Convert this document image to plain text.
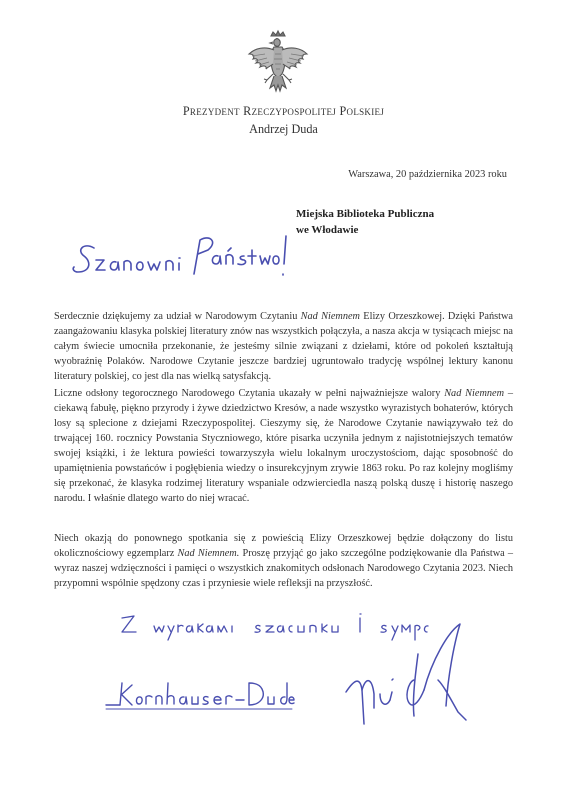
Prezydent Rzeczypospolitej Polskiej
Andrzej Duda
Warszawa, 20 października 2023 roku
Miejska Biblioteka Publiczna
we Włodawie
Szanowni Państwo!

Serdecznie dziękujemy za udział w Narodowym Czytaniu Nad Niemnem Elizy Orzeszkowej. Dzięki Państwa zaangażowaniu klasyka polskiej literatury znów nas wszystkich połączyła, a nasza akcja w tysiącach miejsc na całym świecie umocniła przekonanie, że jesteśmy silnie związani z dziełami, które od pokoleń kształtują wyobraźnię Polaków. Narodowe Czytanie jeszcze bardziej ugruntowało tradycję wspólnej lektury kanonu literatury polskiej, co jest dla nas wielką satysfakcją.

Liczne odsłony tegorocznego Narodowego Czytania ukazały w pełni najważniejsze walory Nad Niemnem – ciekawą fabułę, piękno przyrody i żywe dziedzictwo Kresów, a nade wszystko wyrazistych bohaterów, których losy są splecione z dziejami Rzeczypospolitej. Cieszymy się, że Narodowe Czytanie nawiązywało też do trwającej 160. rocznicy Powstania Styczniowego, które pisarka uczyniła jednym z najistotniejszych tematów swojej książki, i że lektura powieści towarzyszyła wielu lokalnym uroczystościom, dając sposobność do upamiętnienia powstańców i pogłębienia wiedzy o insurekcyjnym zrywie 1863 roku. Po raz kolejny mogliśmy się przekonać, że klasyka rodzimej literatury wspaniale odzwierciedla naszą polską duszę i historię naszego narodu. I właśnie dlatego warto do niej wracać.

Niech okazją do ponownego spotkania się z powieścią Elizy Orzeszkowej będzie dołączony do listu okolicznościowy egzemplarz Nad Niemnem. Proszę przyjąć go jako szczególne podziękowanie dla Państwa – wyraz naszej wdzięczności i pamięci o wszystkich znakomitych odsłonach Narodowego Czytania 2023. Niech przypomni wspólnie spędzony czas i przyniesie wiele refleksji na przyszłość.

Z wyrazami szacunku i sympatii
Kornhauser-Duda
